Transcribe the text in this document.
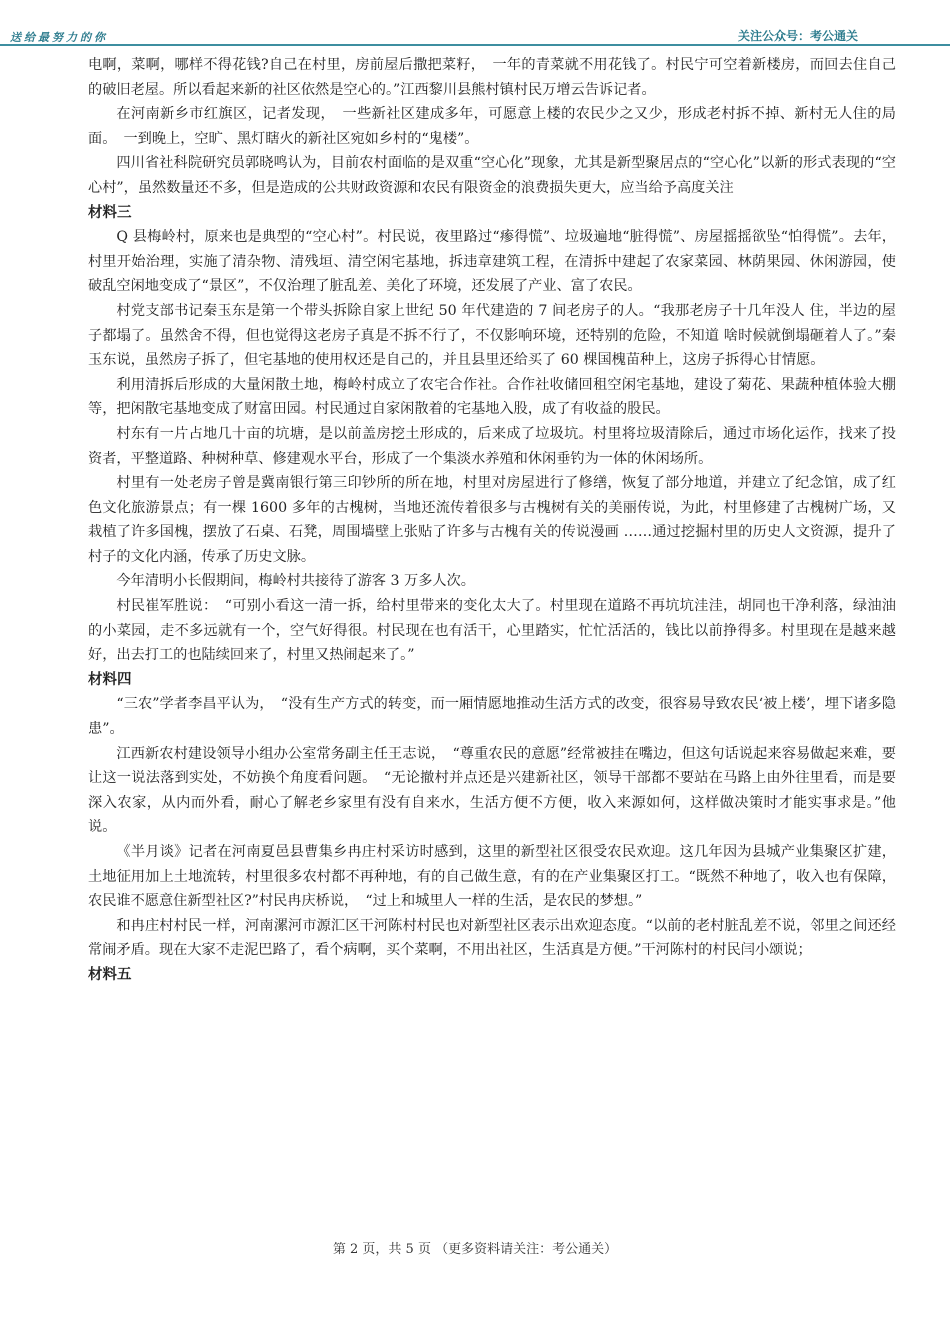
送给最努力的你	关注公众号：考公通关

电啊，菜啊，哪样不得花钱?自己在村里，房前屋后撒把菜籽，　一年的青菜就不用花钱了。村民宁可空着新楼房，而回去住自己的破旧老屋。所以看起来新的社区依然是空心的。”江西黎川县熊村镇村民万增云告诉记者。

在河南新乡市红旗区，记者发现，　一些新社区建成多年，可愿意上楼的农民少之又少，形成老村拆不掉、新村无人住的局面。　一到晚上，空旷、黑灯瞎火的新社区宛如乡村的“鬼楼”。

四川省社科院研究员郭晓鸣认为，目前农村面临的是双重“空心化”现象，尤其是新型聚居点的“空心化”以新的形式表现的“空心村”，虽然数量还不多，但是造成的公共财政资源和农民有限资金的浪费损失更大，应当给予高度关注

材料三

Q 县梅岭村，原来也是典型的“空心村”。村民说，夜里路过“瘆得慌”、垃圾遍地“脏得慌”、房屋摇摇欲坠“怕得慌”。去年，村里开始治理，实施了清杂物、清残垣、清空闲宅基地，拆违章建筑工程，在清拆中建起了农家菜园、林荫果园、休闲游园，使破乱空闲地变成了“景区”，不仅治理了脏乱差、美化了环境，还发展了产业、富了农民。

村党支部书记秦玉东是第一个带头拆除自家上世纪 50 年代建造的 7 间老房子的人。“我那老房子十几年没人 住，半边的屋子都塌了。虽然舍不得，但也觉得这老房子真是不拆不行了，不仅影响环境，还特别的危险，不知道 啥时候就倒塌砸着人了。”秦玉东说，虽然房子拆了，但宅基地的使用权还是自己的，并且县里还给买了 60 棵国槐苗种上，这房子拆得心甘情愿。

利用清拆后形成的大量闲散土地，梅岭村成立了农宅合作社。合作社收储回租空闲宅基地，建设了菊花、果蔬种植体验大棚等，把闲散宅基地变成了财富田园。村民通过自家闲散着的宅基地入股，成了有收益的股民。

村东有一片占地几十亩的坑塘，是以前盖房挖土形成的，后来成了垃圾坑。村里将垃圾清除后，通过市场化运作，找来了投资者，平整道路、种树种草、修建观水平台，形成了一个集淡水养殖和休闲垂钓为一体的休闲场所。

村里有一处老房子曾是冀南银行第三印钞所的所在地，村里对房屋进行了修缮，恢复了部分地道，并建立了纪念馆，成了红色文化旅游景点；有一棵 1600 多年的古槐树，当地还流传着很多与古槐树有关的美丽传说，为此，村里修建了古槐树广场，又栽植了许多国槐，摆放了石桌、石凳，周围墙壁上张贴了许多与古槐有关的传说漫画 ……通过挖掘村里的历史人文资源，提升了村子的文化内涵，传承了历史文脉。

今年清明小长假期间，梅岭村共接待了游客 3 万多人次。

村民崔军胜说：　“可别小看这一清一拆，给村里带来的变化太大了。村里现在道路不再坑坑洼洼，胡同也干净利落，绿油油的小菜园，走不多远就有一个，空气好得很。村民现在也有活干，心里踏实，忙忙活活的，钱比以前挣得多。村里现在是越来越好，出去打工的也陆续回来了，村里又热闹起来了。”

材料四

“三农”学者李昌平认为，　“没有生产方式的转变，而一厢情愿地推动生活方式的改变，很容易导致农民‘被上楼’，埋下诸多隐患”。

江西新农村建设领导小组办公室常务副主任王志说，　“尊重农民的意愿”经常被挂在嘴边，但这句话说起来容易做起来难，要让这一说法落到实处，不妨换个角度看问题。　“无论撤村并点还是兴建新社区，领导干部都不要站在马路上由外往里看，而是要深入农家，从内而外看，耐心了解老乡家里有没有自来水，生活方便不方便，收入来源如何，这样做决策时才能实事求是。”他说。

《半月谈》记者在河南夏邑县曹集乡冉庄村采访时感到，这里的新型社区很受农民欢迎。这几年因为县城产业集聚区扩建，土地征用加上土地流转，村里很多农村都不再种地，有的自己做生意，有的在产业集聚区打工。“既然不种地了，收入也有保障，农民谁不愿意住新型社区?”村民冉庆桥说，　“过上和城里人一样的生活，是农民的梦想。”

和冉庄村村民一样，河南漯河市源汇区干河陈村村民也对新型社区表示出欢迎态度。“以前的老村脏乱差不说，邻里之间还经常闹矛盾。现在大家不走泥巴路了，看个病啊，买个菜啊，不用出社区，生活真是方便。”干河陈村的村民闫小颂说；

材料五
第 2 页，共 5 页 （更多资料请关注：考公通关）
